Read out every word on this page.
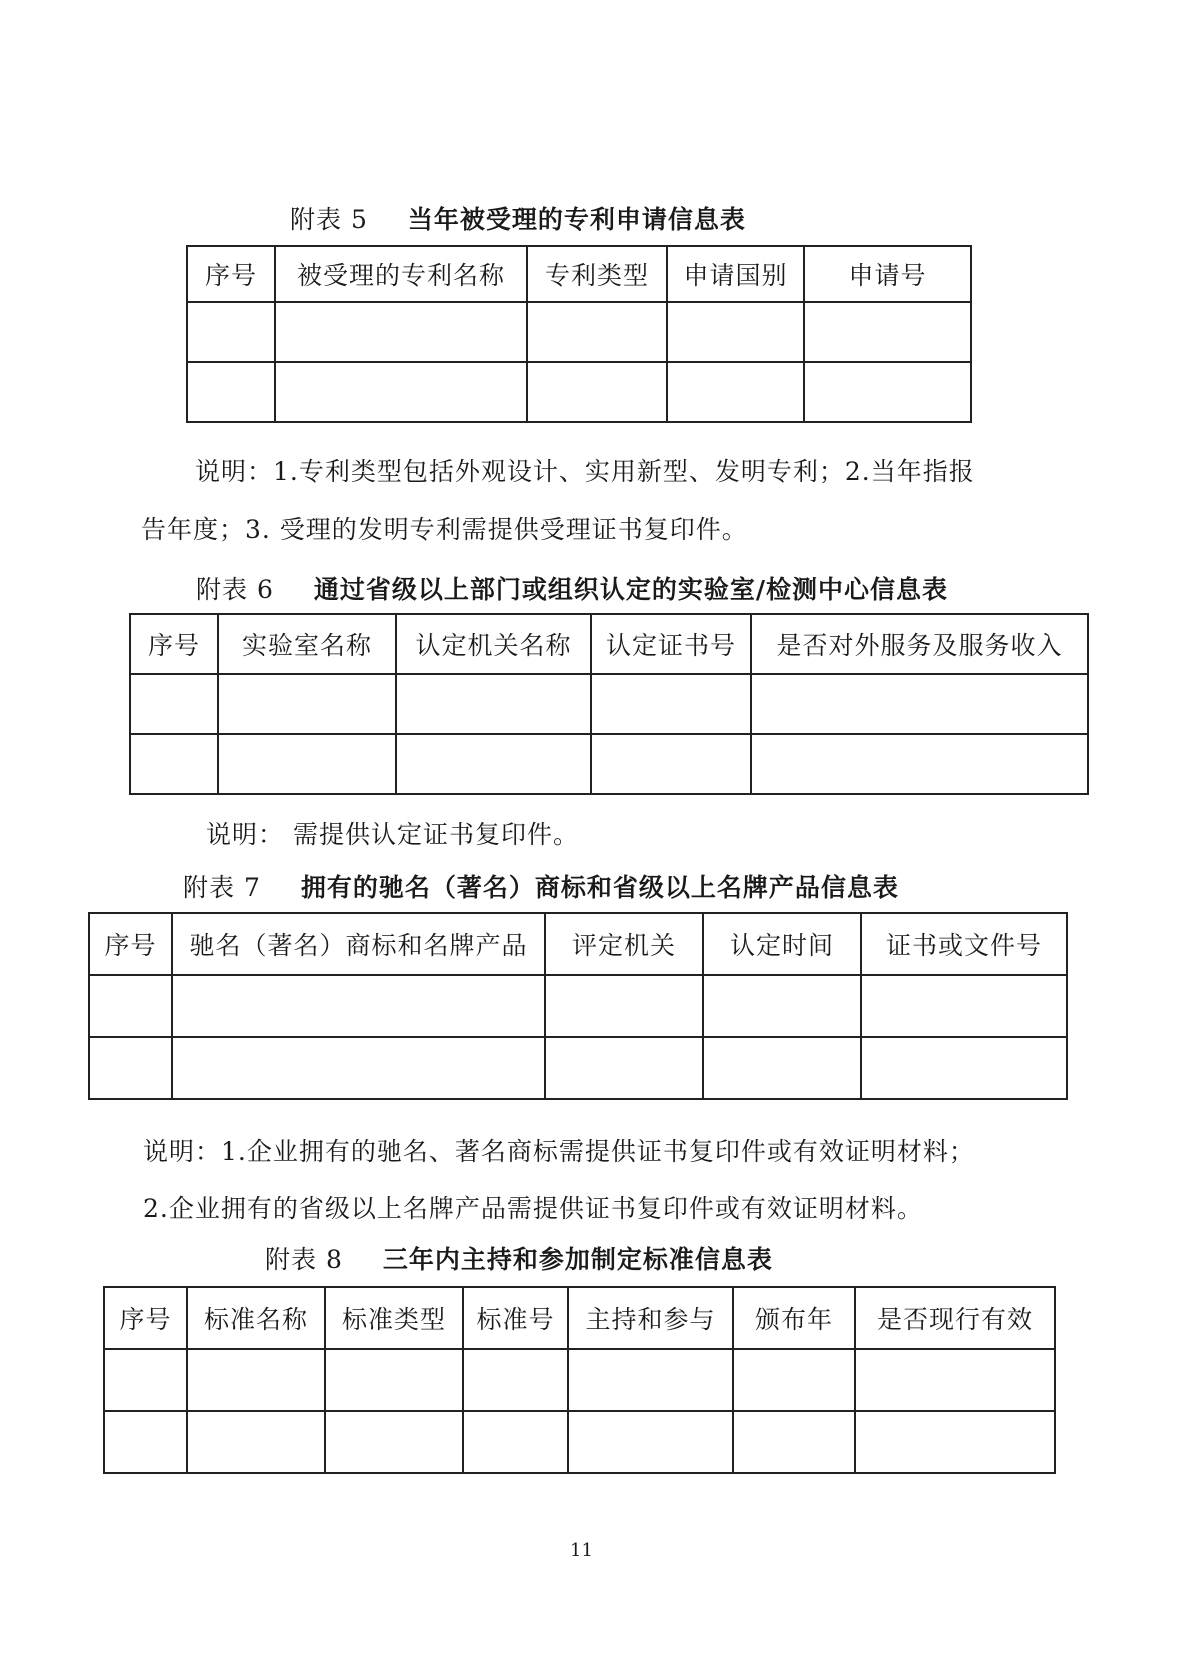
附表 5 当年被受理的专利申请信息表
序号	被受理的专利名称	专利类型	申请国别	申请号

说明：1.专利类型包括外观设计、实用新型、发明专利；2.当年指报
告年度；3. 受理的发明专利需提供受理证书复印件。
附表 6 通过省级以上部门或组织认定的实验室/检测中心信息表
序号	实验室名称	认定机关名称	认定证书号	是否对外服务及服务收入

说明： 需提供认定证书复印件。
附表 7 拥有的驰名（著名）商标和省级以上名牌产品信息表
序号	驰名（著名）商标和名牌产品	评定机关	认定时间	证书或文件号

说明：1.企业拥有的驰名、著名商标需提供证书复印件或有效证明材料；
2.企业拥有的省级以上名牌产品需提供证书复印件或有效证明材料。
附表 8 三年内主持和参加制定标准信息表
序号	标准名称	标准类型	标准号	主持和参与	颁布年	是否现行有效

11
